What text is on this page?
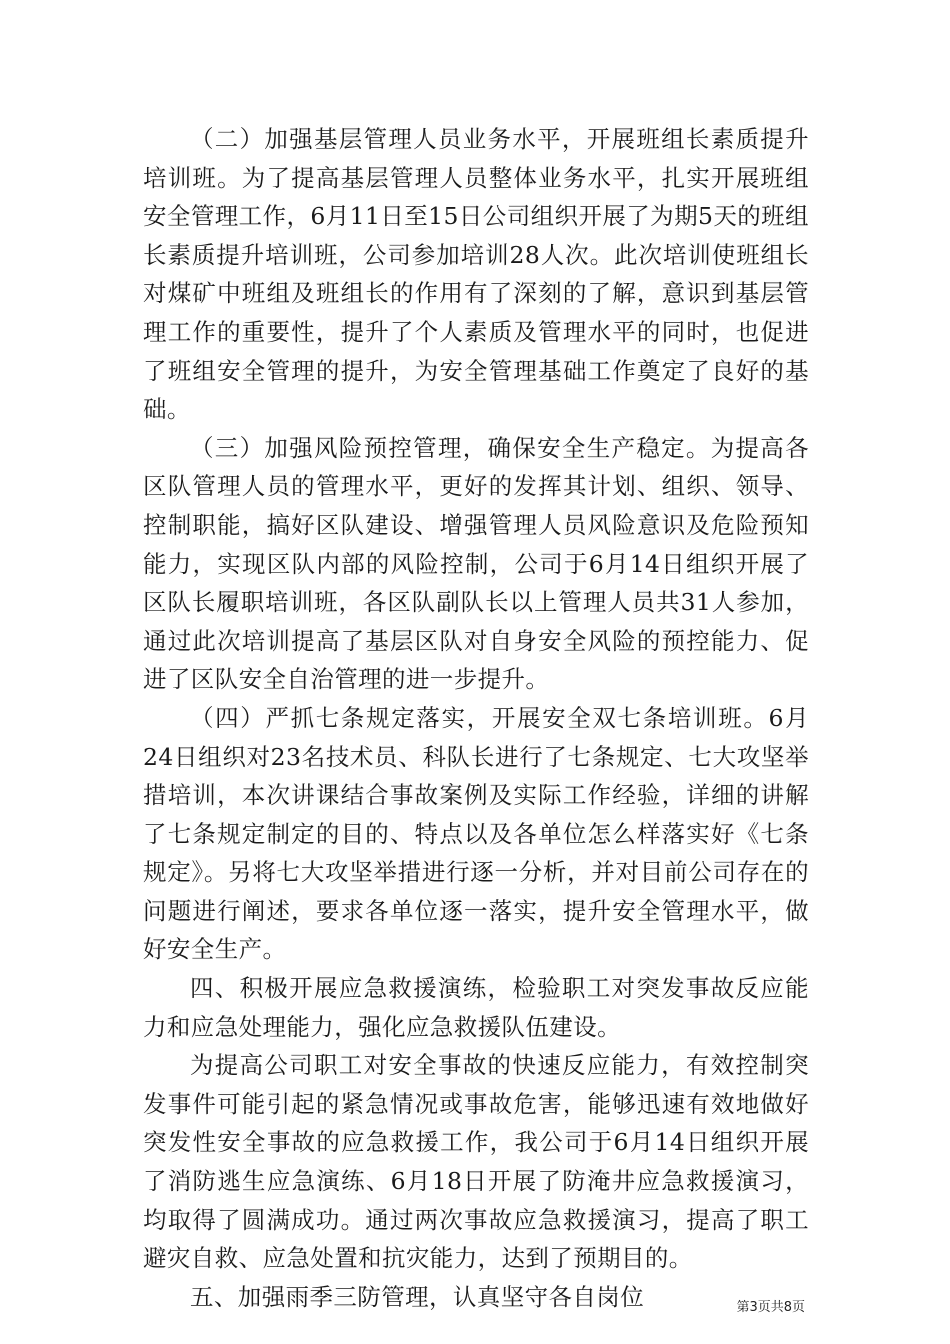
（二）加强基层管理人员业务水平，开展班组长素质提升培训班。为了提高基层管理人员整体业务水平，扎实开展班组安全管理工作，6月11日至15日公司组织开展了为期5天的班组长素质提升培训班，公司参加培训28人次。此次培训使班组长对煤矿中班组及班组长的作用有了深刻的了解，意识到基层管理工作的重要性，提升了个人素质及管理水平的同时，也促进了班组安全管理的提升，为安全管理基础工作奠定了良好的基础。

（三）加强风险预控管理，确保安全生产稳定。为提高各区队管理人员的管理水平，更好的发挥其计划、组织、领导、控制职能，搞好区队建设、增强管理人员风险意识及危险预知能力，实现区队内部的风险控制，公司于6月14日组织开展了区队长履职培训班，各区队副队长以上管理人员共31人参加，通过此次培训提高了基层区队对自身安全风险的预控能力、促进了区队安全自治管理的进一步提升。

（四）严抓七条规定落实，开展安全双七条培训班。6月24日组织对23名技术员、科队长进行了七条规定、七大攻坚举措培训，本次讲课结合事故案例及实际工作经验，详细的讲解了七条规定制定的目的、特点以及各单位怎么样落实好《七条规定》。另将七大攻坚举措进行逐一分析，并对目前公司存在的问题进行阐述，要求各单位逐一落实，提升安全管理水平，做好安全生产。

四、积极开展应急救援演练，检验职工对突发事故反应能力和应急处理能力，强化应急救援队伍建设。

为提高公司职工对安全事故的快速反应能力，有效控制突发事件可能引起的紧急情况或事故危害，能够迅速有效地做好突发性安全事故的应急救援工作，我公司于6月14日组织开展了消防逃生应急演练、6月18日开展了防淹井应急救援演习，均取得了圆满成功。通过两次事故应急救援演习，提高了职工避灾自救、应急处置和抗灾能力，达到了预期目的。

五、加强雨季三防管理，认真坚守各自岗位	第3页共8页
